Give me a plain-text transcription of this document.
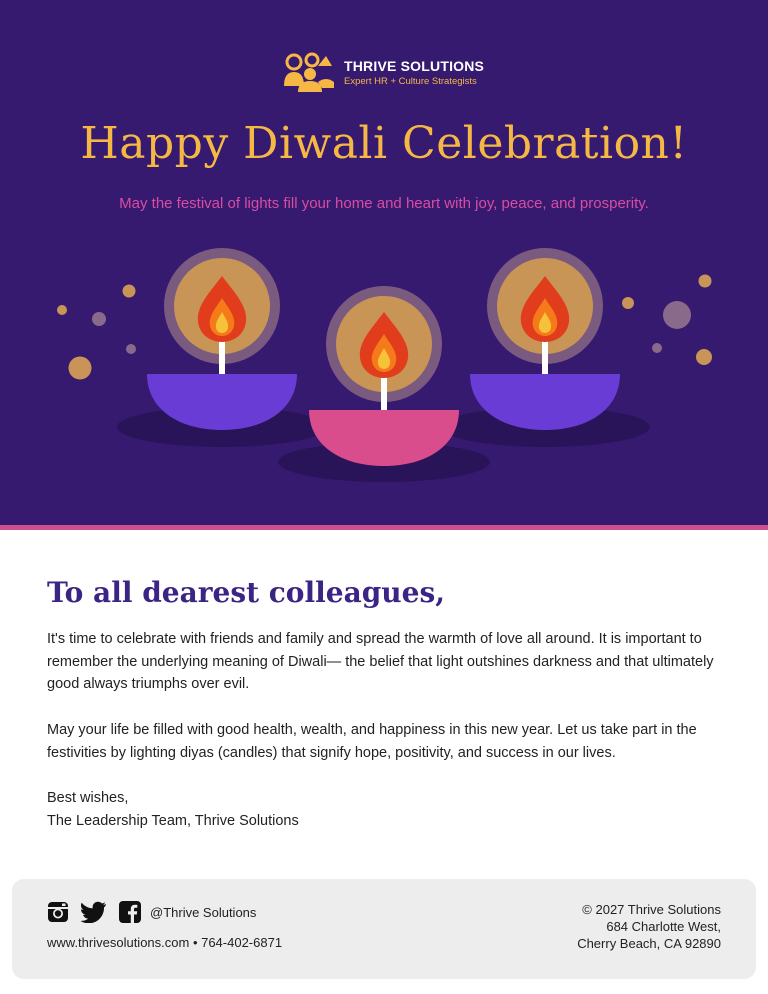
THRIVE SOLUTIONS
Expert HR + Culture Strategists
Happy Diwali Celebration!

May the festival of lights fill your home and heart with joy, peace, and prosperity.

To all dearest colleagues,

It's time to celebrate with friends and family and spread the warmth of love all around. It is important to remember the underlying meaning of Diwali— the belief that light outshines darkness and that ultimately good always triumphs over evil.

May your life be filled with good health, wealth, and happiness in this new year. Let us take part in the festivities by lighting diyas (candles) that signify hope, positivity, and success in our lives.

Best wishes,
The Leadership Team, Thrive Solutions
@Thrive Solutions
www.thrivesolutions.com • 764-402-6871
© 2027 Thrive Solutions
684 Charlotte West,
Cherry Beach, CA 92890
